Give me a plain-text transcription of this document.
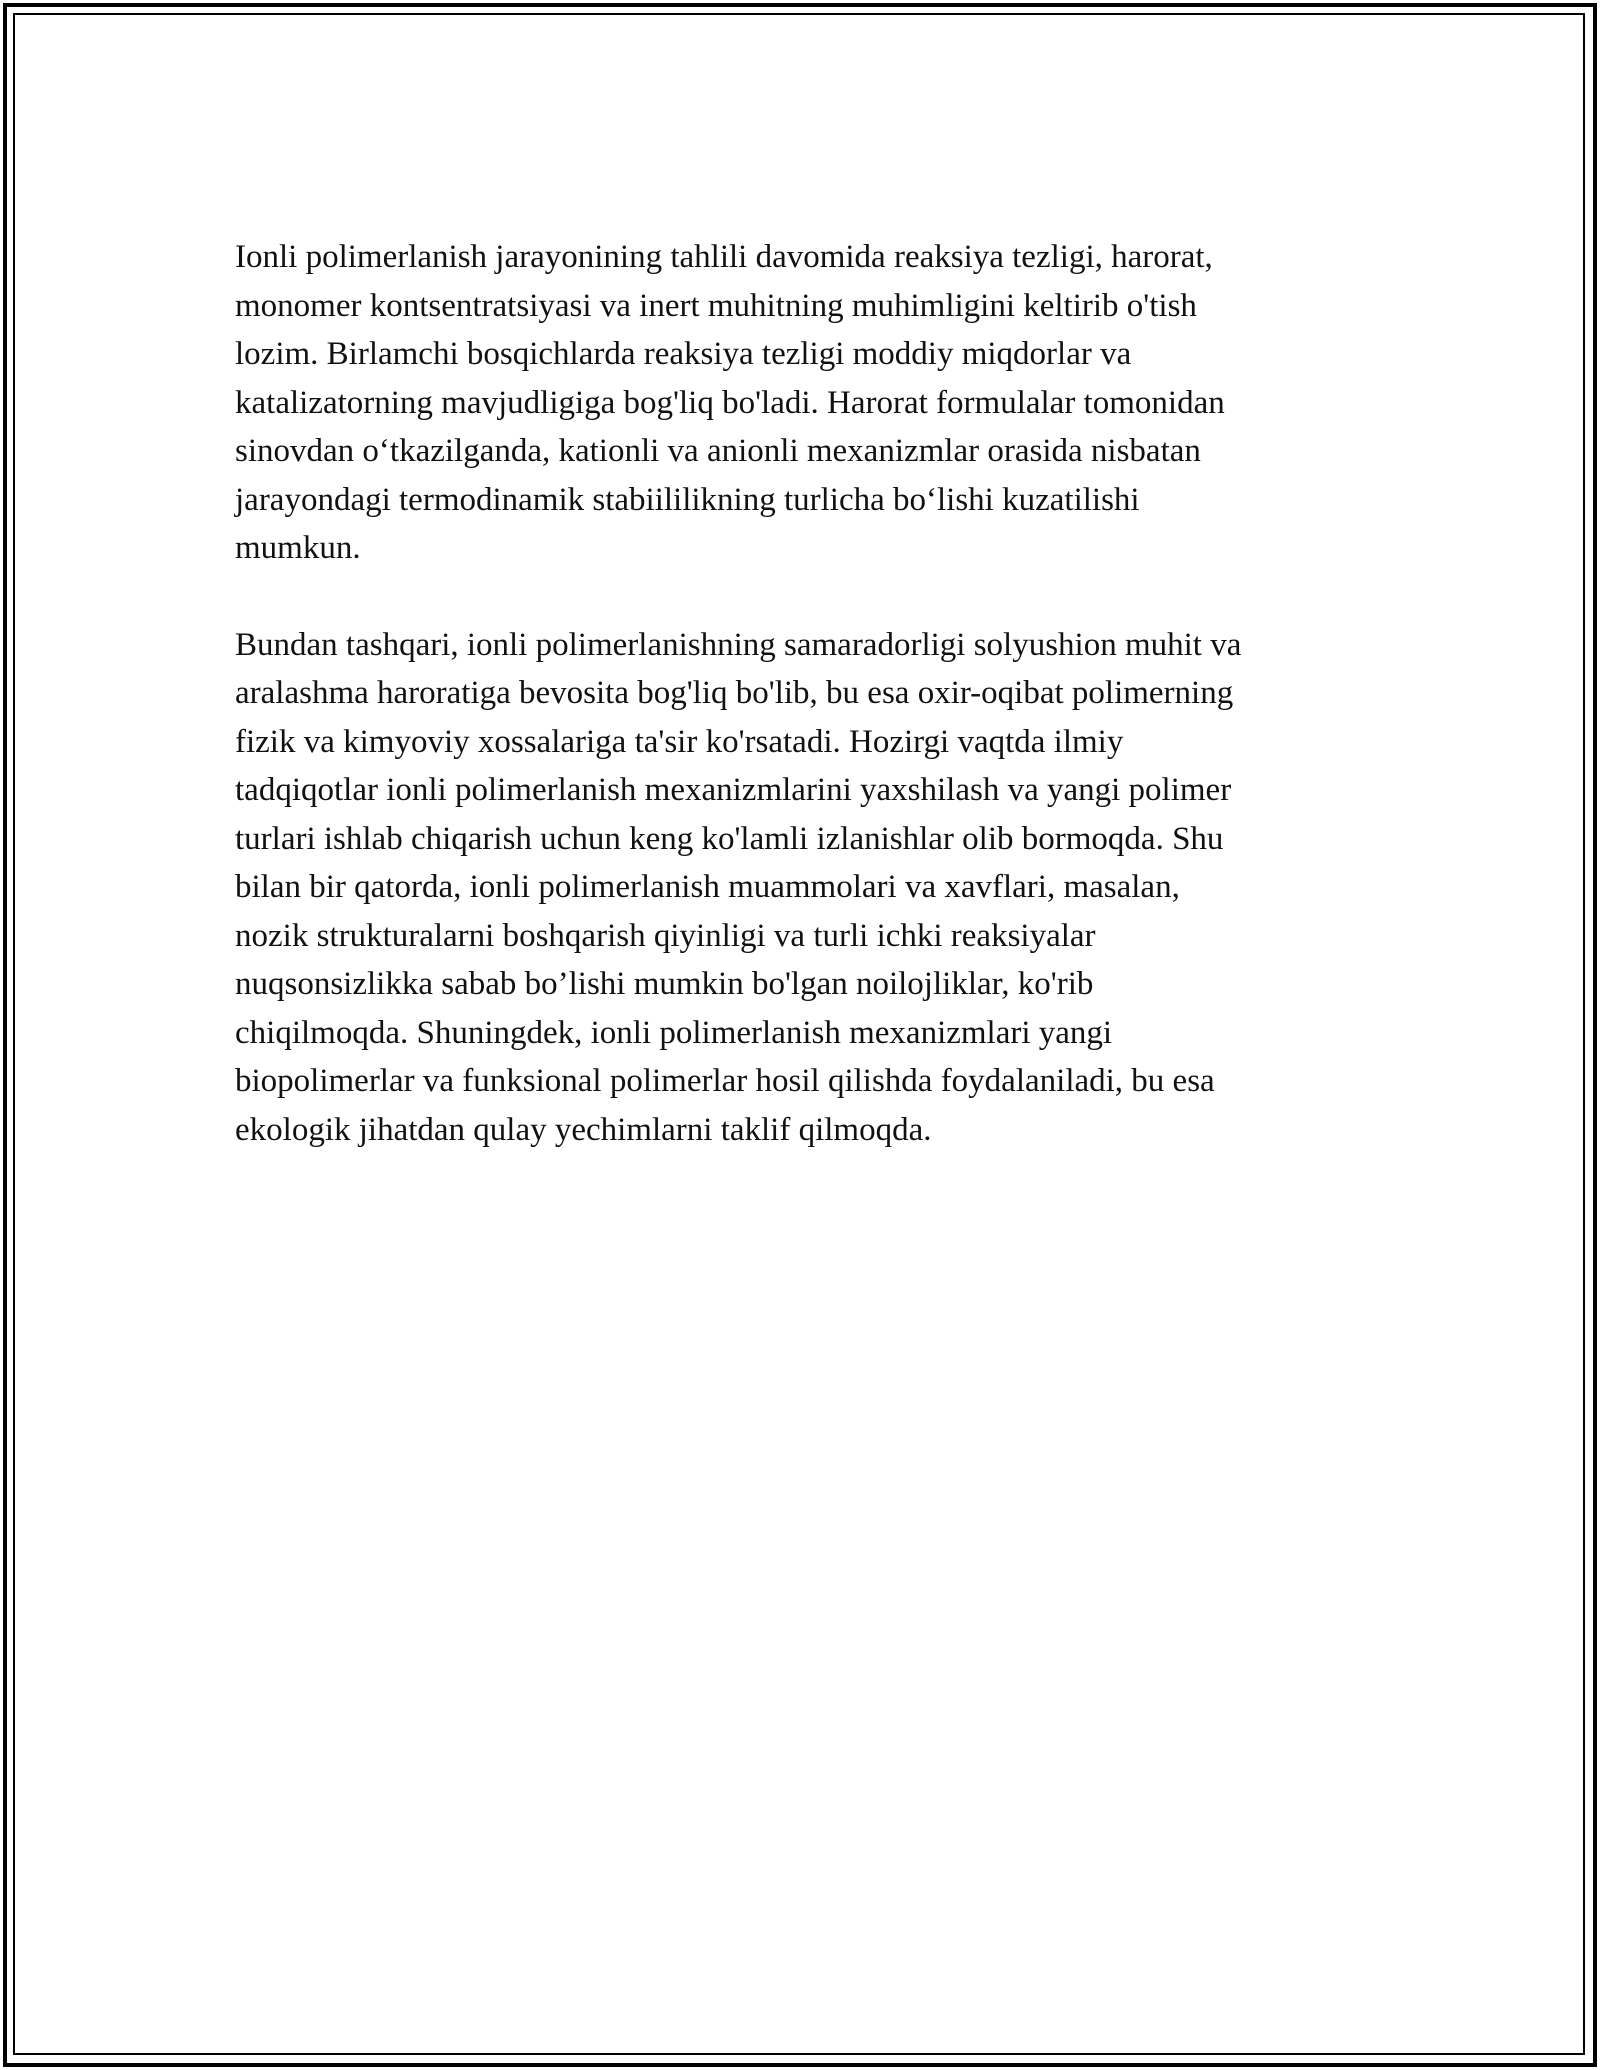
Ionli polimerlanish jarayonining tahlili davomida reaksiya tezligi, harorat,
monomer kontsentratsiyasi va inert muhitning muhimligini keltirib o'tish
lozim. Birlamchi bosqichlarda reaksiya tezligi moddiy miqdorlar va
katalizatorning mavjudligiga bog'liq bo'ladi. Harorat formulalar tomonidan
sinovdan oʻtkazilganda, kationli va anionli mexanizmlar orasida nisbatan
jarayondagi termodinamik stabiililikning turlicha boʻlishi kuzatilishi
mumkun.

Bundan tashqari, ionli polimerlanishning samaradorligi solyushion muhit va
aralashma haroratiga bevosita bog'liq bo'lib, bu esa oxir-oqibat polimerning
fizik va kimyoviy xossalariga ta'sir ko'rsatadi. Hozirgi vaqtda ilmiy
tadqiqotlar ionli polimerlanish mexanizmlarini yaxshilash va yangi polimer
turlari ishlab chiqarish uchun keng ko'lamli izlanishlar olib bormoqda. Shu
bilan bir qatorda, ionli polimerlanish muammolari va xavflari, masalan,
nozik strukturalarni boshqarish qiyinligi va turli ichki reaksiyalar
nuqsonsizlikka sabab bo’lishi mumkin bo'lgan noilojliklar, ko'rib
chiqilmoqda. Shuningdek, ionli polimerlanish mexanizmlari yangi
biopolimerlar va funksional polimerlar hosil qilishda foydalaniladi, bu esa
ekologik jihatdan qulay yechimlarni taklif qilmoqda.
